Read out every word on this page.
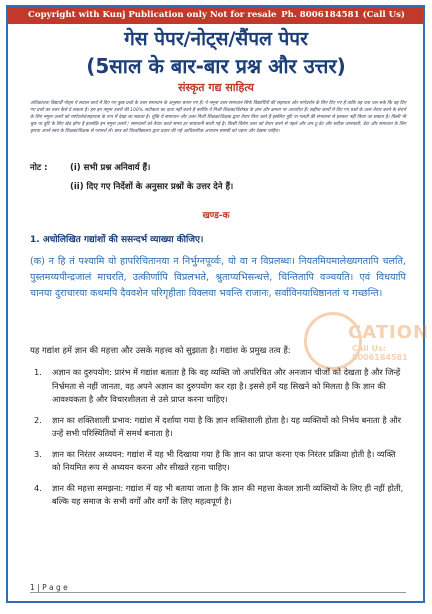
Copyright with Kunj Publication only Not for resale Ph. 8006184581 (Call Us)
गेस पेपर/नोट्स/सैंपल पेपर
(5साल के बार-बार प्रश्न और उत्तर)
संस्कृत गद्य साहित्य

अधिकांशतः विद्यार्थी नोट्स ये सवाल कार्य में दिए गए कुछ प्रश्नों के उत्तर समाधान के अनुसार बनाए गए हैं। ये नमूना उत्तर समाधान सिर्फ विद्यार्थियों की सहायता और मार्गदर्शन के लिए दिए गए हैं ताकि वह पता चल सके कि वह दिए गए प्रश्नों का उत्तर कैसे दे सकता है। हम इन नमूना उत्तरों की 100% सटीकता का दावा नहीं करते हैं क्योंकि ये निजी शिक्षक/विशेषज्ञ के ज्ञान और क्षमता पर आधारित हैं। सहीया कार्यों में दिए गए प्रश्नों के उत्तर तैयार करने के संदर्भ के लिए नमूना उत्तरों को मार्गदर्शन/सहायता के रूप में देखा जा सकता है। चूंकि ये समाधान और उत्तर निजी शिक्षक/शिक्षक द्वारा तैयार किए जाते हैं इसलिए त्रुटि या गलती की संभावना से इनकार नहीं किया जा सकता है। किसी भी चूक या त्रुटि के लिए खेद होगा है हालांकि इन नमूना उत्तरों / समाधानों को तैयार करते समय हर सावधानी बरती गई है। किसी विशेष उत्तर को तैयार करने से पहले और अप-टू-डेट और सटीक जानकारी, डेटा और समाधान के लिए कृपया अपने स्वयं के शिक्षक/शिक्षक से परामर्श लें। छात्र को विश्वविद्यालय द्वारा प्रदान की गई आधिकारिक अध्ययन सामग्री को पढ़ना और देखना चाहिए।

नोट :	(i) सभी प्रश्न अनिवार्य हैं।
(ii) दिए गए निर्देशों के अनुसार प्रश्नों के उत्तर देने हैं।
खण्ड-क
1. अधोलिखित गद्यांशों की ससन्दर्भ व्याख्या कीजिए।
(क) न हि तं पश्यामि यो हापरिचितानया न निर्भुग्नपूर्व्वः, यो वा न विप्रलब्धः। नियतमियमालेख्यगतापि चलति, पुस्तमय्यपीन्द्रजालं माचरति, उत्कीर्णापि विप्रलभते, श्रुताप्यभिसन्धत्ते, चिन्तितापि वञ्चयति। एवं विधयापि चानया दुराचारया कथमपि दैववशेन परिगृहीताः विक्लवा भवन्ति राजानः, सर्वाविनयाधिष्ठानतां च गच्छन्ति।
CATION
Call Us: 8006184581
यह गद्यांश हमें ज्ञान की महत्ता और उसके महत्त्व को सुझाता है। गद्यांश के प्रमुख तत्व हैं:
1. अज्ञान का दुरुपयोग: प्रारंभ में गद्यांश बताता है कि वह व्यक्ति जो अपरिचित और अनजान चीजों को देखता है और जिन्हें निर्भ्रमता से नहीं जानता, वह अपने अज्ञान का दुरुपयोग कर रहा है। इससे हमें यह सिखने को मिलता है कि ज्ञान की आवश्यकता है और विचारशीलता से उसे प्राप्त करना चाहिए।
2. ज्ञान का शक्तिशाली प्रभाव: गद्यांश में दर्शाया गया है कि ज्ञान शक्तिशाली होता है। यह व्यक्तियों को निर्भय बनाता है और उन्हें सभी परिस्थितियों में समर्थ बनाता है।
3. ज्ञान का निरंतर अध्ययन: गद्यांश में यह भी दिखाया गया है कि ज्ञान का प्राप्त करना एक निरंतर प्रक्रिया होती है। व्यक्ति को नियमित रूप से अध्ययन करना और सीखते रहना चाहिए।
4. ज्ञान की महत्ता समझना: गद्यांश में यह भी बताया जाता है कि ज्ञान की महत्ता केवल ज्ञानी व्यक्तियों के लिए ही नहीं होती, बल्कि यह समाज के सभी वर्गों और वर्गों के लिए महत्वपूर्ण है।
1 | P a g e
